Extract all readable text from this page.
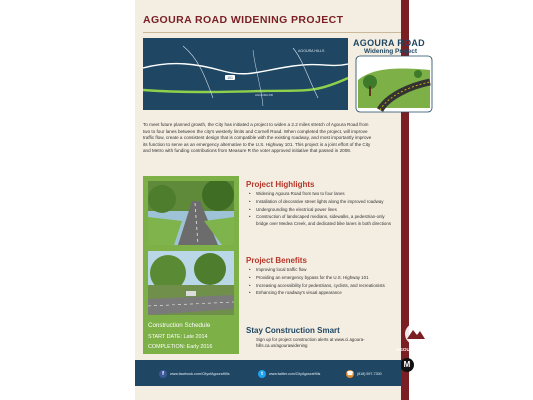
AGOURA ROAD WIDENING PROJECT
101
AGOURA HILLS
AGOURA RD
AGOURA ROAD
Widening Project

To meet future planned growth, the City has initiated a project to widen a 2.2 miles stretch of Agoura Road from two to four lanes between the city's westerly limits and Cornell Road. When completed the project, will improve traffic flow, create a consistent design that is compatible with the existing roadway, and most importantly improve its function to serve as an emergency alternative to the U.S. Highway 101. This project is a joint effort of the City and Metro with funding contributions from Measure R the voter approved initiative that passed in 2008.

Construction Schedule
START DATE: Late 2014
COMPLETION: Early 2016
Project Highlights
• Widening Agoura Road from two to four lanes
• Installation of decorative street lights along the improved roadway
• Undergrounding the electrical power lines
• Construction of landscaped medians, sidewalks, a pedestrian-only bridge over Medea Creek, and dedicated bike lanes in both directions
Project Benefits
• Improving local traffic flow
• Providing an emergency bypass for the U.S. Highway 101
• Increasing accessibility for pedestrians, cyclists, and recreationists
• Enhancing the roadway's visual appearance
Stay Construction Smart

Sign up for project construction alerts at www.ci.agoura-hills.ca.us/agourawidening

AGOURA HILLS
M
Metro
f	www.facebook.com/CityofAgouraHills	t	www.twitter.com/CityAgouraHills	☎ (818) 597-7300
